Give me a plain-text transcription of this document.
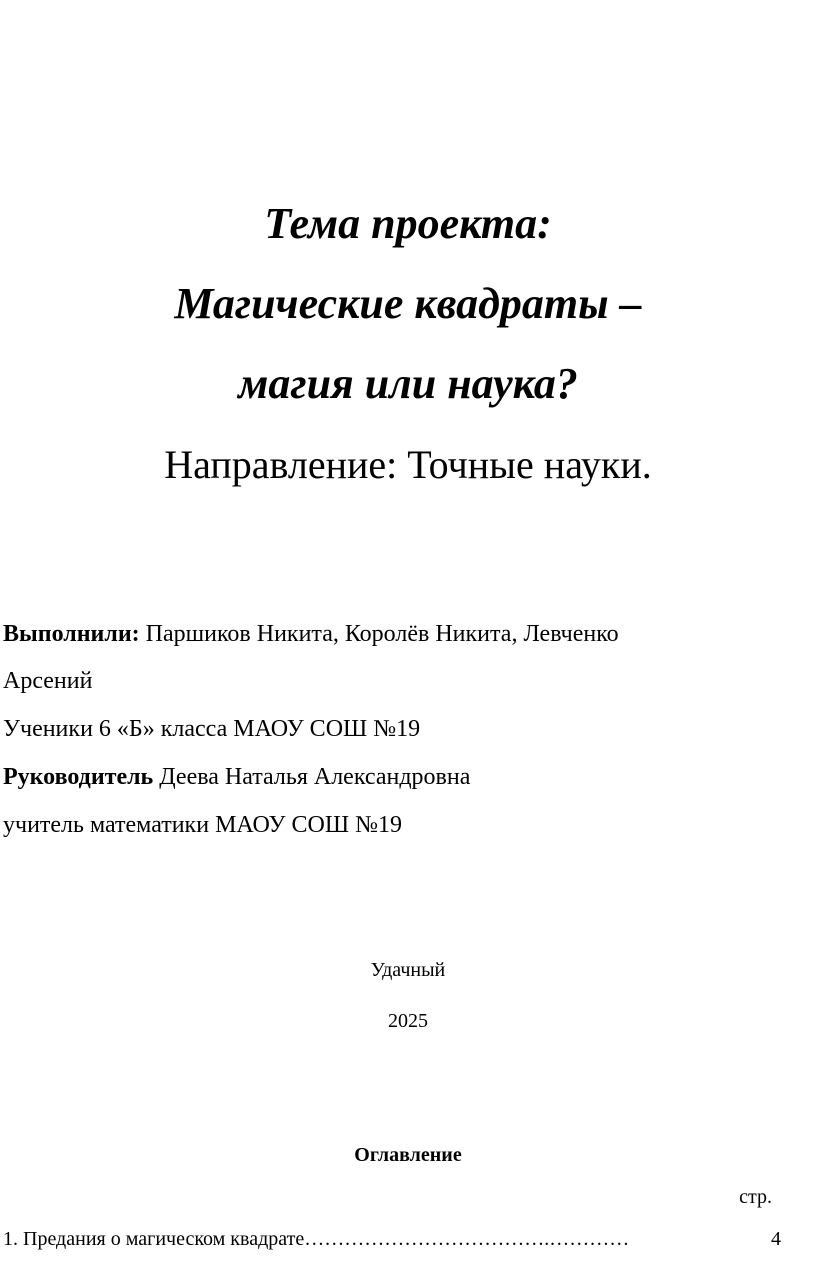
Тема проекта:
Магические квадраты –
магия или наука?
Направление: Точные науки.
Выполнили: Паршиков Никита, Королёв Никита, Левченко
Арсений
Ученики 6 «Б» класса МАОУ СОШ №19
Руководитель Деева Наталья Александровна
учитель математики МАОУ СОШ №19
Удачный
2025
Оглавление
стр.
1. Предания о магическом квадрате ……………………………….…………	4
